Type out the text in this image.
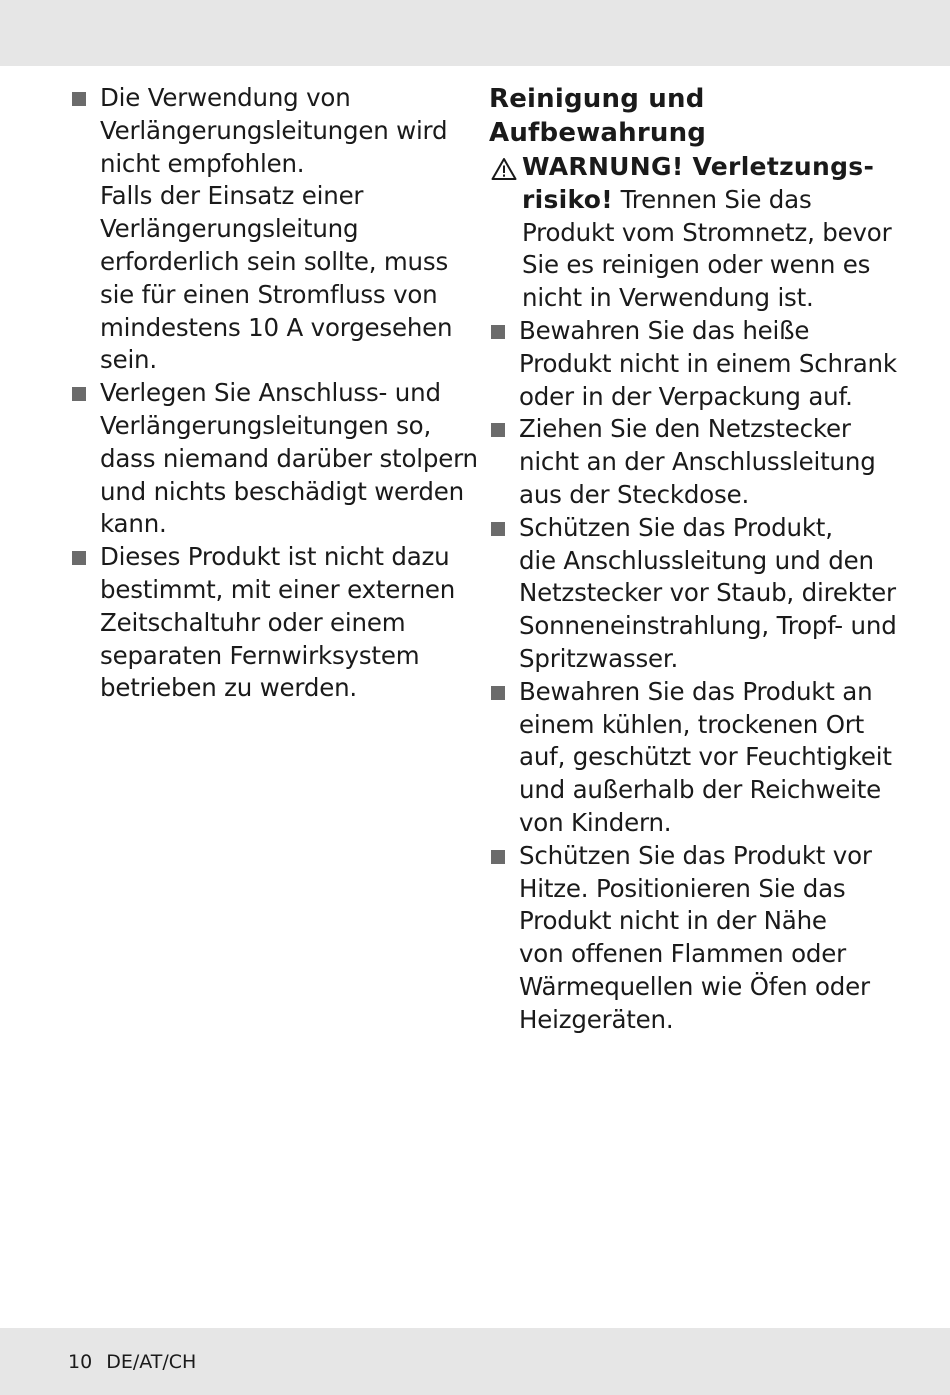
Die Verwendung von
Verlängerungsleitungen wird
nicht empfohlen.
Falls der Einsatz einer
Verlängerungsleitung
erforderlich sein sollte, muss
sie für einen Stromfluss von
mindestens 10 A vorgesehen
sein.
Verlegen Sie Anschluss- und
Verlängerungsleitungen so,
dass niemand darüber stolpern
und nichts beschädigt werden
kann.
Dieses Produkt ist nicht dazu
bestimmt, mit einer externen
Zeitschaltuhr oder einem
separaten Fernwirksystem
betrieben zu werden.
Reinigung und
Aufbewahrung
WARNUNG! Verletzungs-
risiko! Trennen Sie das
Produkt vom Stromnetz, bevor
Sie es reinigen oder wenn es
nicht in Verwendung ist.
Bewahren Sie das heiße
Produkt nicht in einem Schrank
oder in der Verpackung auf.
Ziehen Sie den Netzstecker
nicht an der Anschlussleitung
aus der Steckdose.
Schützen Sie das Produkt,
die Anschlussleitung und den
Netzstecker vor Staub, direkter
Sonneneinstrahlung, Tropf- und
Spritzwasser.
Bewahren Sie das Produkt an
einem kühlen, trockenen Ort
auf, geschützt vor Feuchtigkeit
und außerhalb der Reichweite
von Kindern.
Schützen Sie das Produkt vor
Hitze. Positionieren Sie das
Produkt nicht in der Nähe
von offenen Flammen oder
Wärmequellen wie Öfen oder
Heizgeräten.
10 DE/AT/CH
